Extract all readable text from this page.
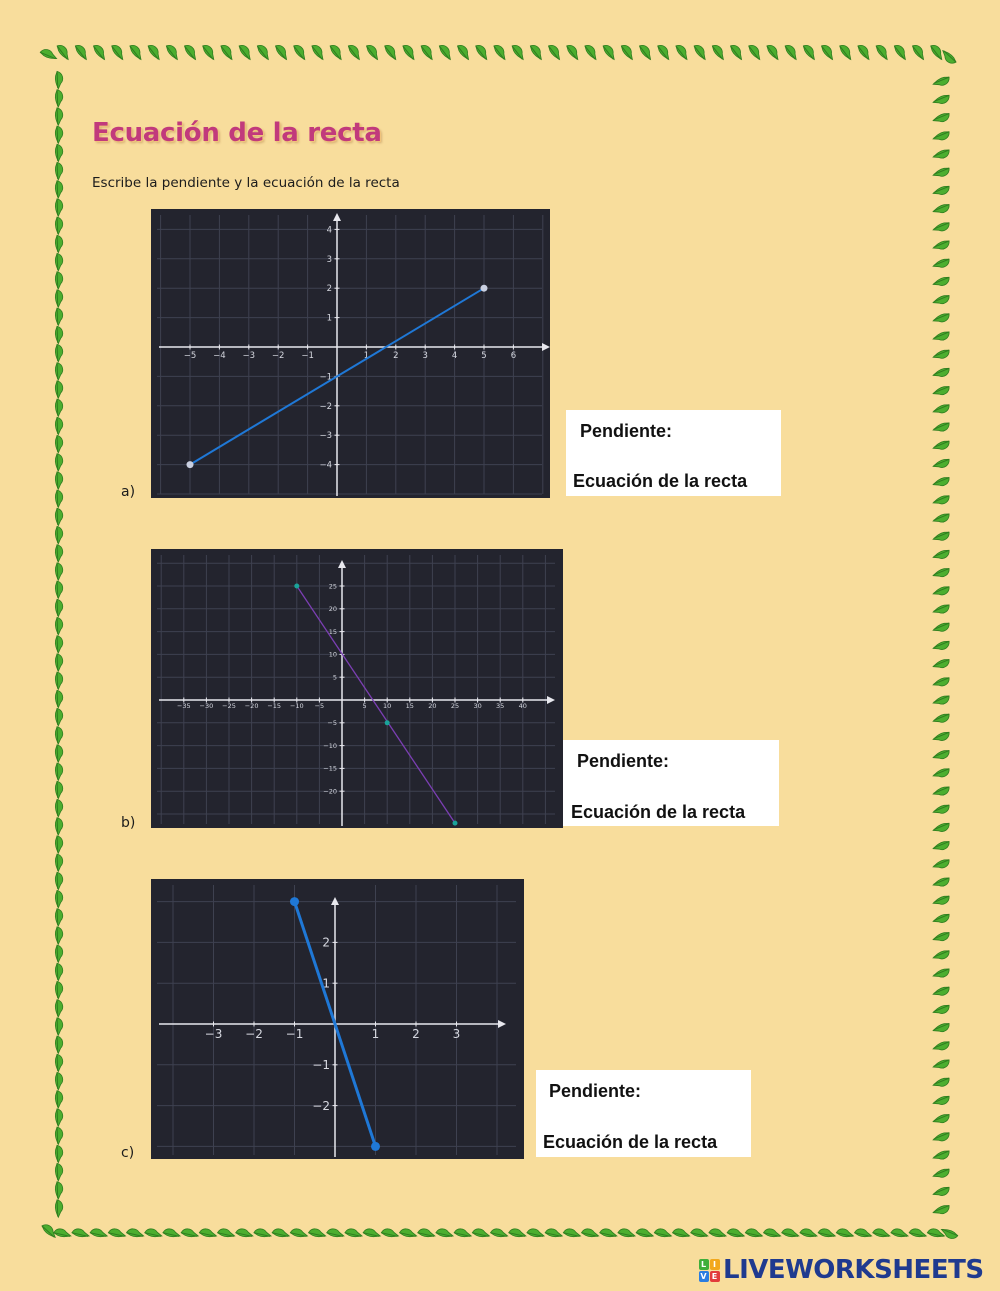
Ecuación de la recta

Escribe la pendiente y la ecuación de la recta

a)
−5 −4 −3 −2 −1	1	2	3	4	5	6
−4
−3
−2
−1
1
2
3
4
Pendiente:
Ecuación de la recta
b)
−35 −30 −25 −20 −15 −10 −5	5	10 15 20 25 30 35 40
−20
−15
−10
−5
5
10
15
20
25
Pendiente:
Ecuación de la recta
c)
−3 −2 −1	1	2	3
−2
−1
1
2
Pendiente:
Ecuación de la recta
L I
V E LIVEWORKSHEETS
